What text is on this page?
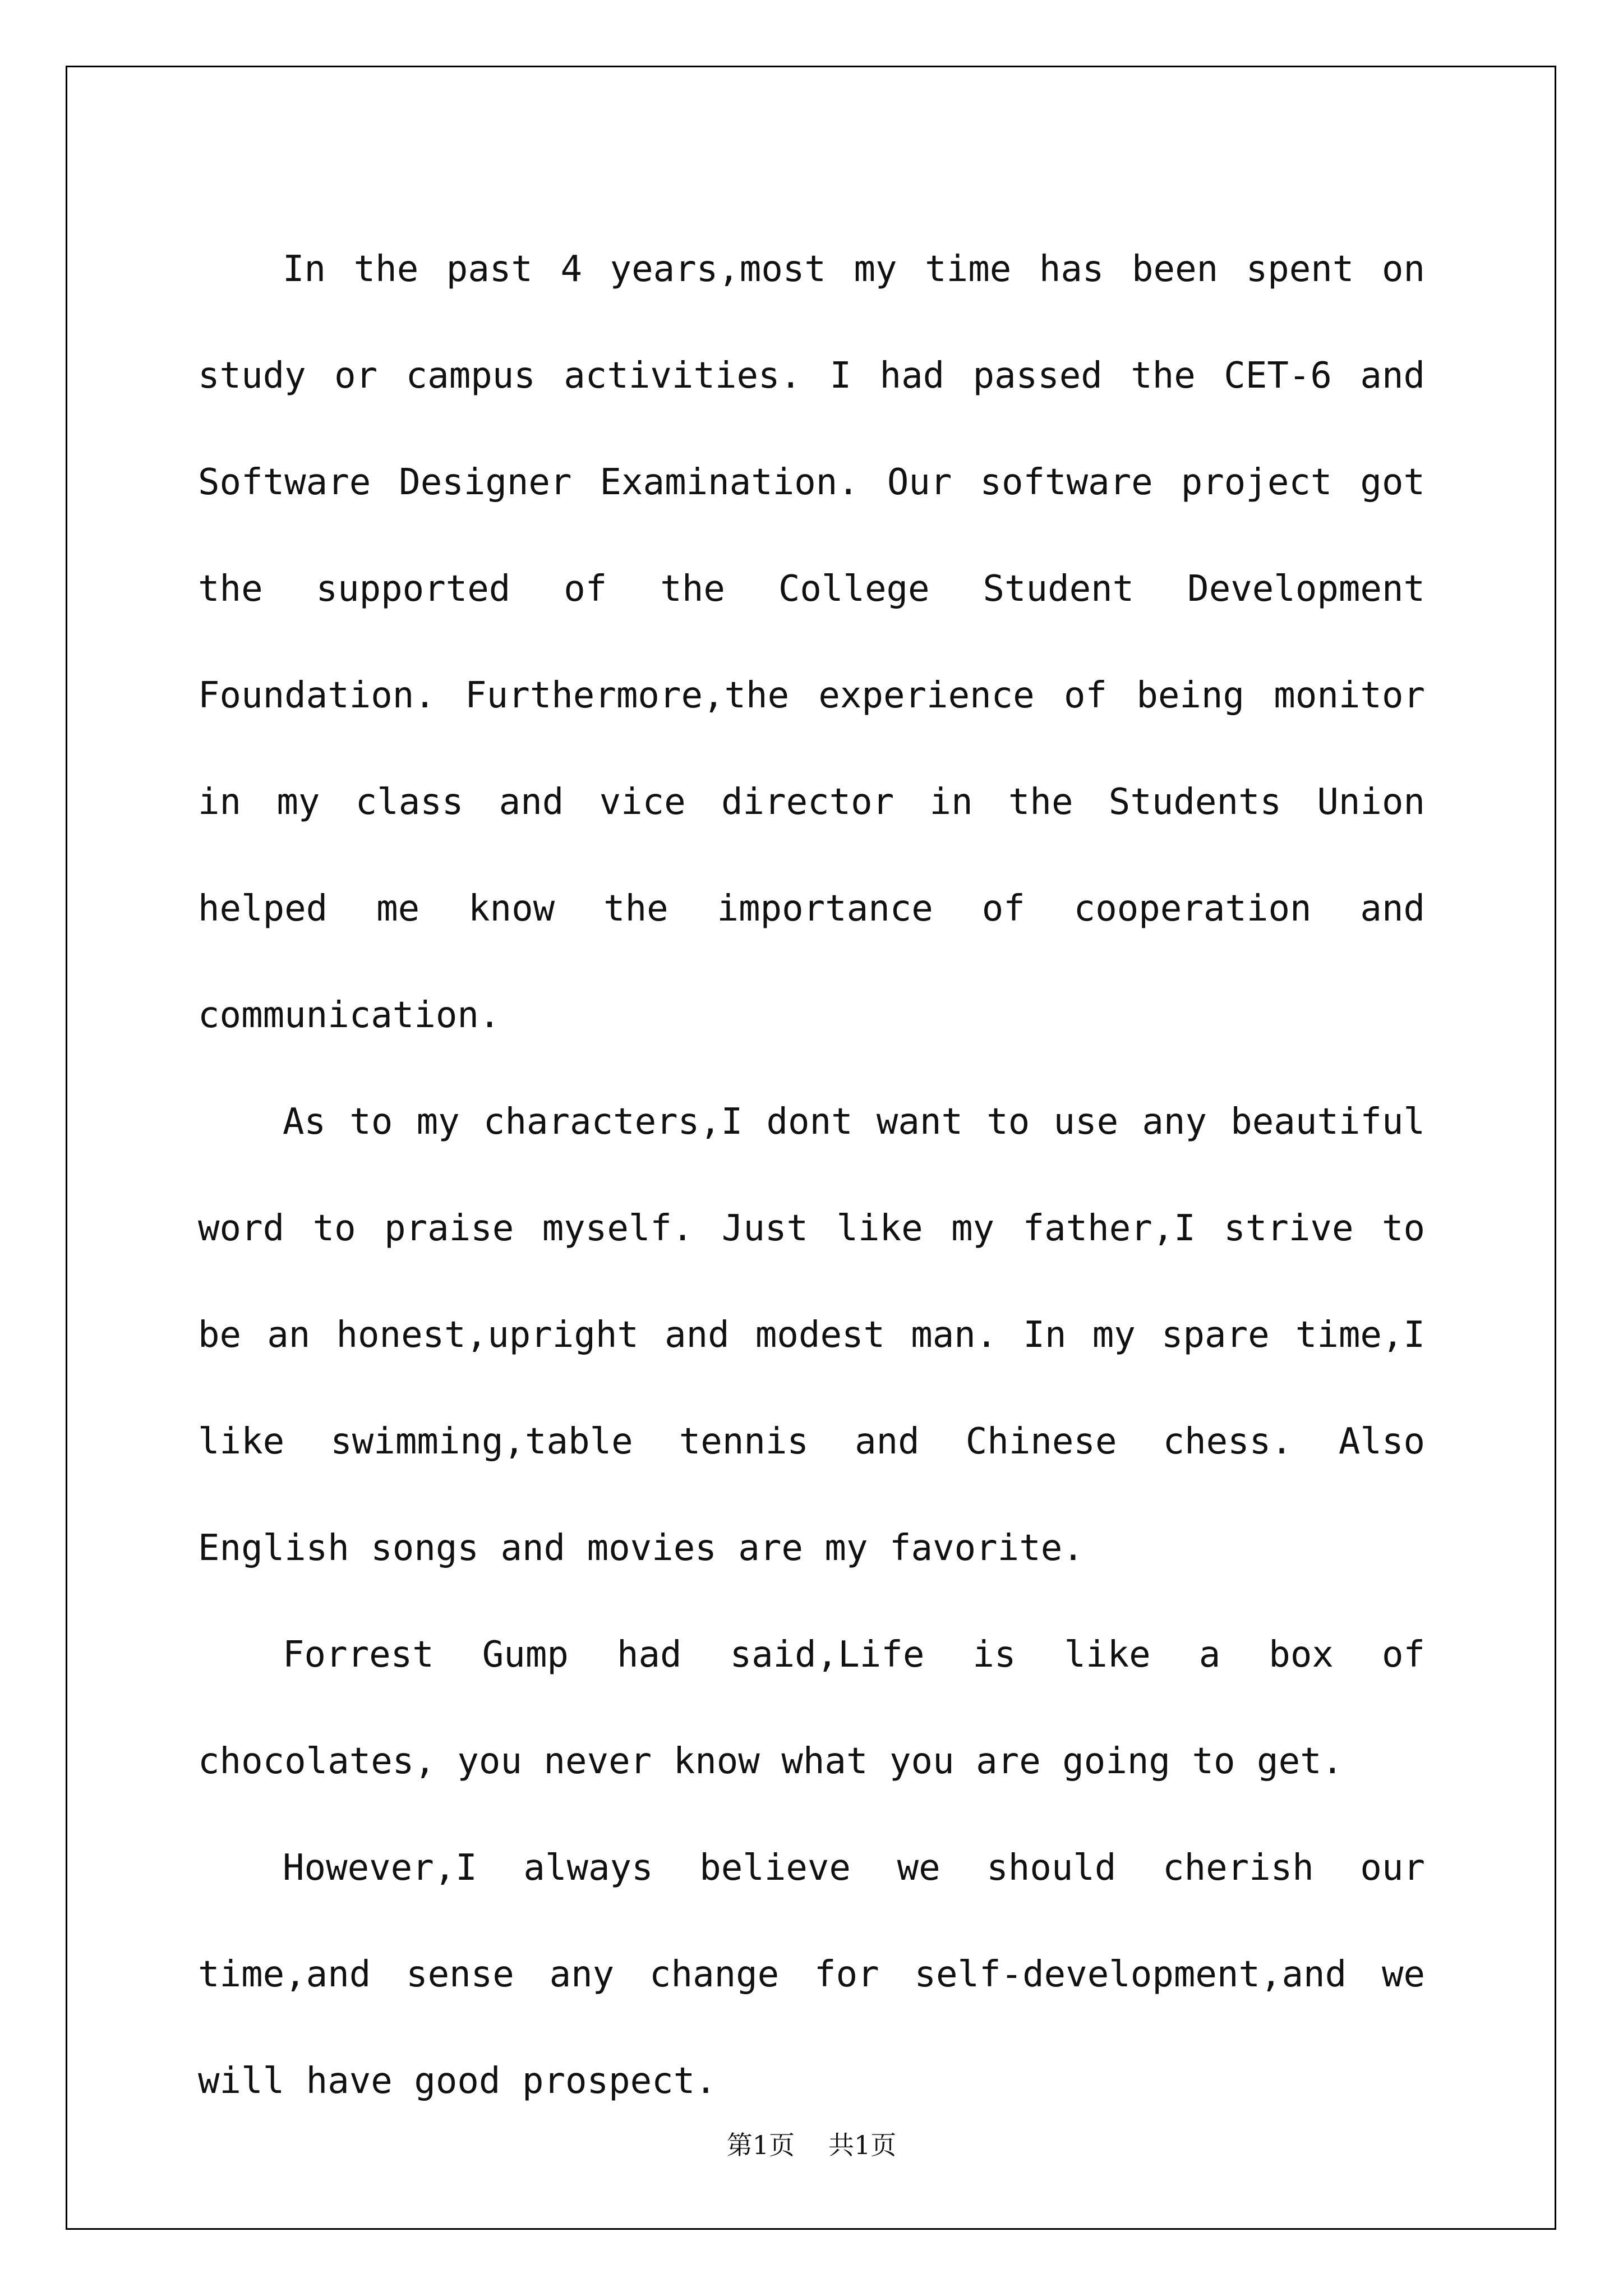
In the past 4 years,most my time has been spent on study or campus activities. I had passed the CET-6 and Software Designer Examination. Our software project got the supported of the College Student Development Foundation. Furthermore,the experience of being monitor in my class and vice director in the Students Union helped me know the importance of cooperation and communication.

As to my characters,I dont want to use any beautiful word to praise myself. Just like my father,I strive to be an honest,upright and modest man. In my spare time,I like swimming,table tennis and Chinese chess. Also English songs and movies are my favorite.

Forrest Gump had said,Life is like a box of chocolates, you never know what you are going to get.

However,I always believe we should cherish our time,and sense any change for self-development,and we will have good prospect.

第1页 共1页
